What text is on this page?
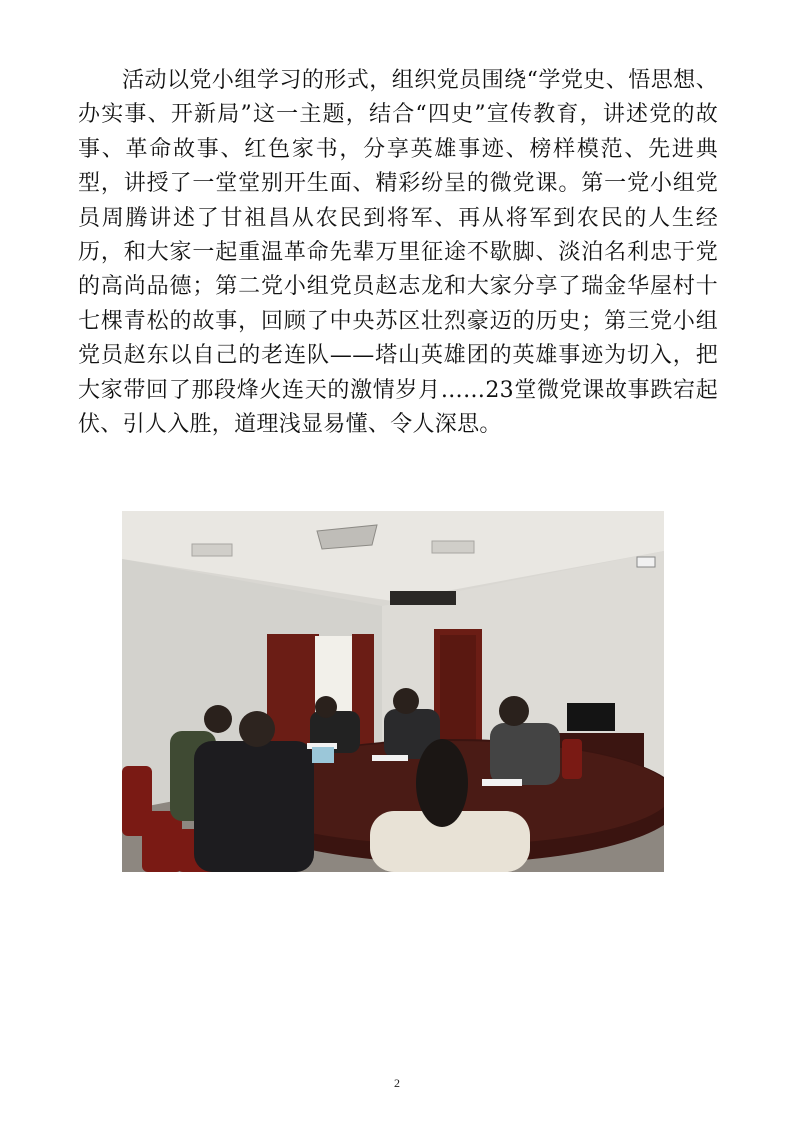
活动以党小组学习的形式，组织党员围绕“学党史、悟思想、办实事、开新局”这一主题，结合“四史”宣传教育，讲述党的故事、革命故事、红色家书，分享英雄事迹、榜样模范、先进典型，讲授了一堂堂别开生面、精彩纷呈的微党课。第一党小组党员周腾讲述了甘祖昌从农民到将军、再从将军到农民的人生经历，和大家一起重温革命先辈万里征途不歇脚、淡泊名利忠于党的高尚品德；第二党小组党员赵志龙和大家分享了瑞金华屋村十七棵青松的故事，回顾了中央苏区壮烈豪迈的历史；第三党小组党员赵东以自己的老连队——塔山英雄团的英雄事迹为切入，把大家带回了那段烽火连天的激情岁月……23堂微党课故事跌宕起伏、引人入胜，道理浅显易懂、令人深思。

2
